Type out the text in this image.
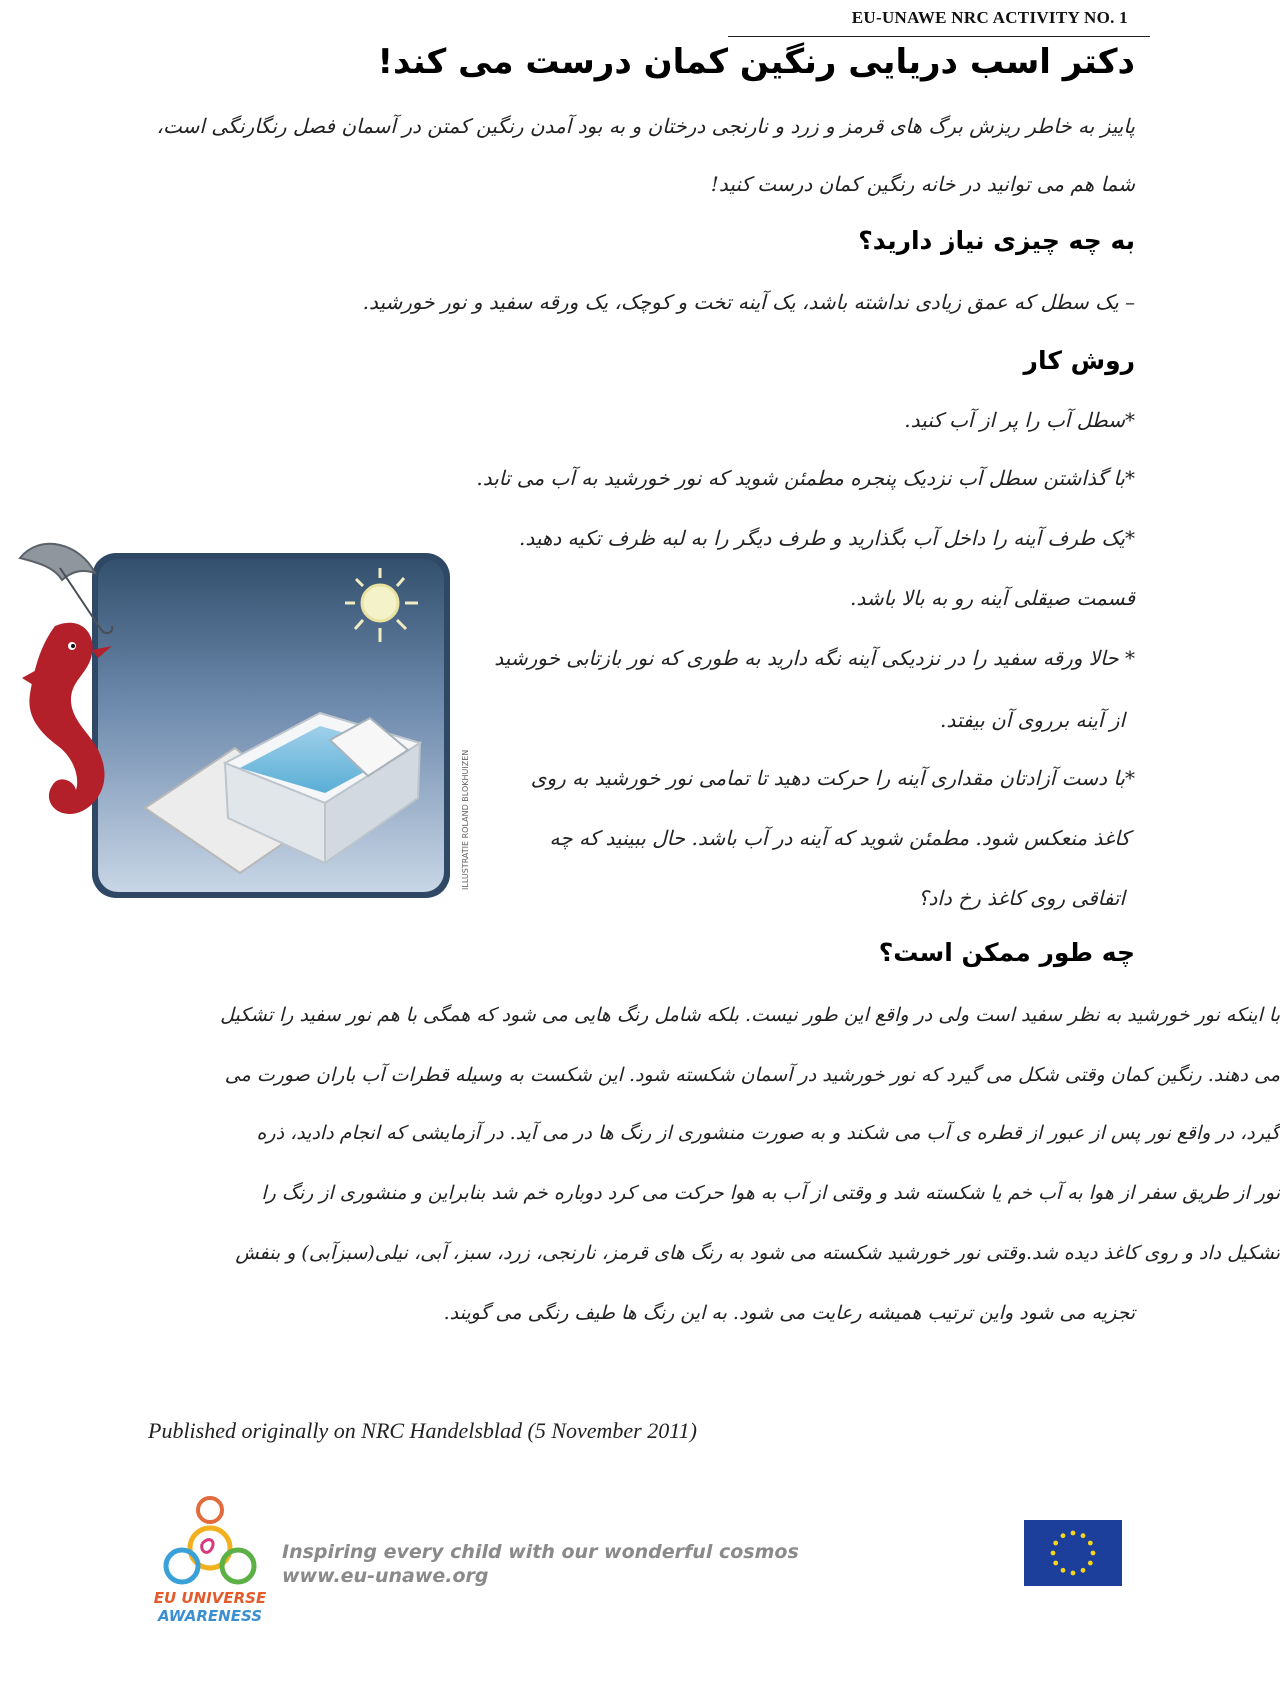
EU-UNAWE NRC ACTIVITY NO. 1
دکتر اسب دریایی رنگین کمان درست می کند!
پاییز به خاطر ریزش برگ های قرمز و زرد و نارنجی درختان و به بود آمدن رنگین کمتن در آسمان فصل رنگارنگی است،
شما هم می توانید در خانه رنگین کمان درست کنید!
به چه چیزی نیاز دارید؟
– یک سطل که عمق زیادی نداشته باشد، یک آینه تخت و کوچک، یک ورقه سفید و نور خورشید.
روش کار
*سطل آب را پر از آب کنید.
*با گذاشتن سطل آب نزدیک پنجره مطمئن شوید که نور خورشید به آب می تابد.
*یک طرف آینه را داخل آب بگذارید و طرف دیگر را به لبه ظرف تکیه دهید.
قسمت صیقلی آینه رو به بالا باشد.
* حالا ورقه سفید را در نزدیکی آینه نگه دارید به طوری که نور بازتابی خورشید
از آینه برروی آن بیفتد.
*با دست آزادتان مقداری آینه را حرکت دهید تا تمامی نور خورشید به روی
کاغذ منعکس شود. مطمئن شوید که آینه در آب باشد. حال ببینید که چه
اتفاقی روی کاغذ رخ داد؟
چه طور ممکن است؟
با اینکه نور خورشید به نظر سفید است ولی در واقع این طور نیست. بلکه شامل رنگ هایی می شود که همگی با هم نور سفید را تشکیل
می دهند. رنگین کمان وقتی شکل می گیرد که نور خورشید در آسمان شکسته شود. این شکست به وسیله قطرات آب باران صورت می
گیرد، در واقع نور پس از عبور از قطره ی آب می شکند و به صورت منشوری از رنگ ها در می آید. در آزمایشی که انجام دادید، ذره
نور از طریق سفر از هوا به آب خم یا شکسته شد و وقتی از آب به هوا حرکت می کرد دوباره خم شد بنابراین و منشوری از رنگ را
تشکیل داد و روی کاغذ دیده شد.وقتی نور خورشید شکسته می شود به رنگ های قرمز، نارنجی، زرد، سبز، آبی، نیلی(سبزآبی) و بنفش
تجزیه می شود واین ترتیب همیشه رعایت می شود. به این رنگ ها طیف رنگی می گویند.
ILLUSTRATIE ROLAND BLOKHUIZEN
Published originally on NRC Handelsblad (5 November 2011)
EU UNIVERSE
AWARENESS
Inspiring every child with our wonderful cosmos
www.eu-unawe.org
